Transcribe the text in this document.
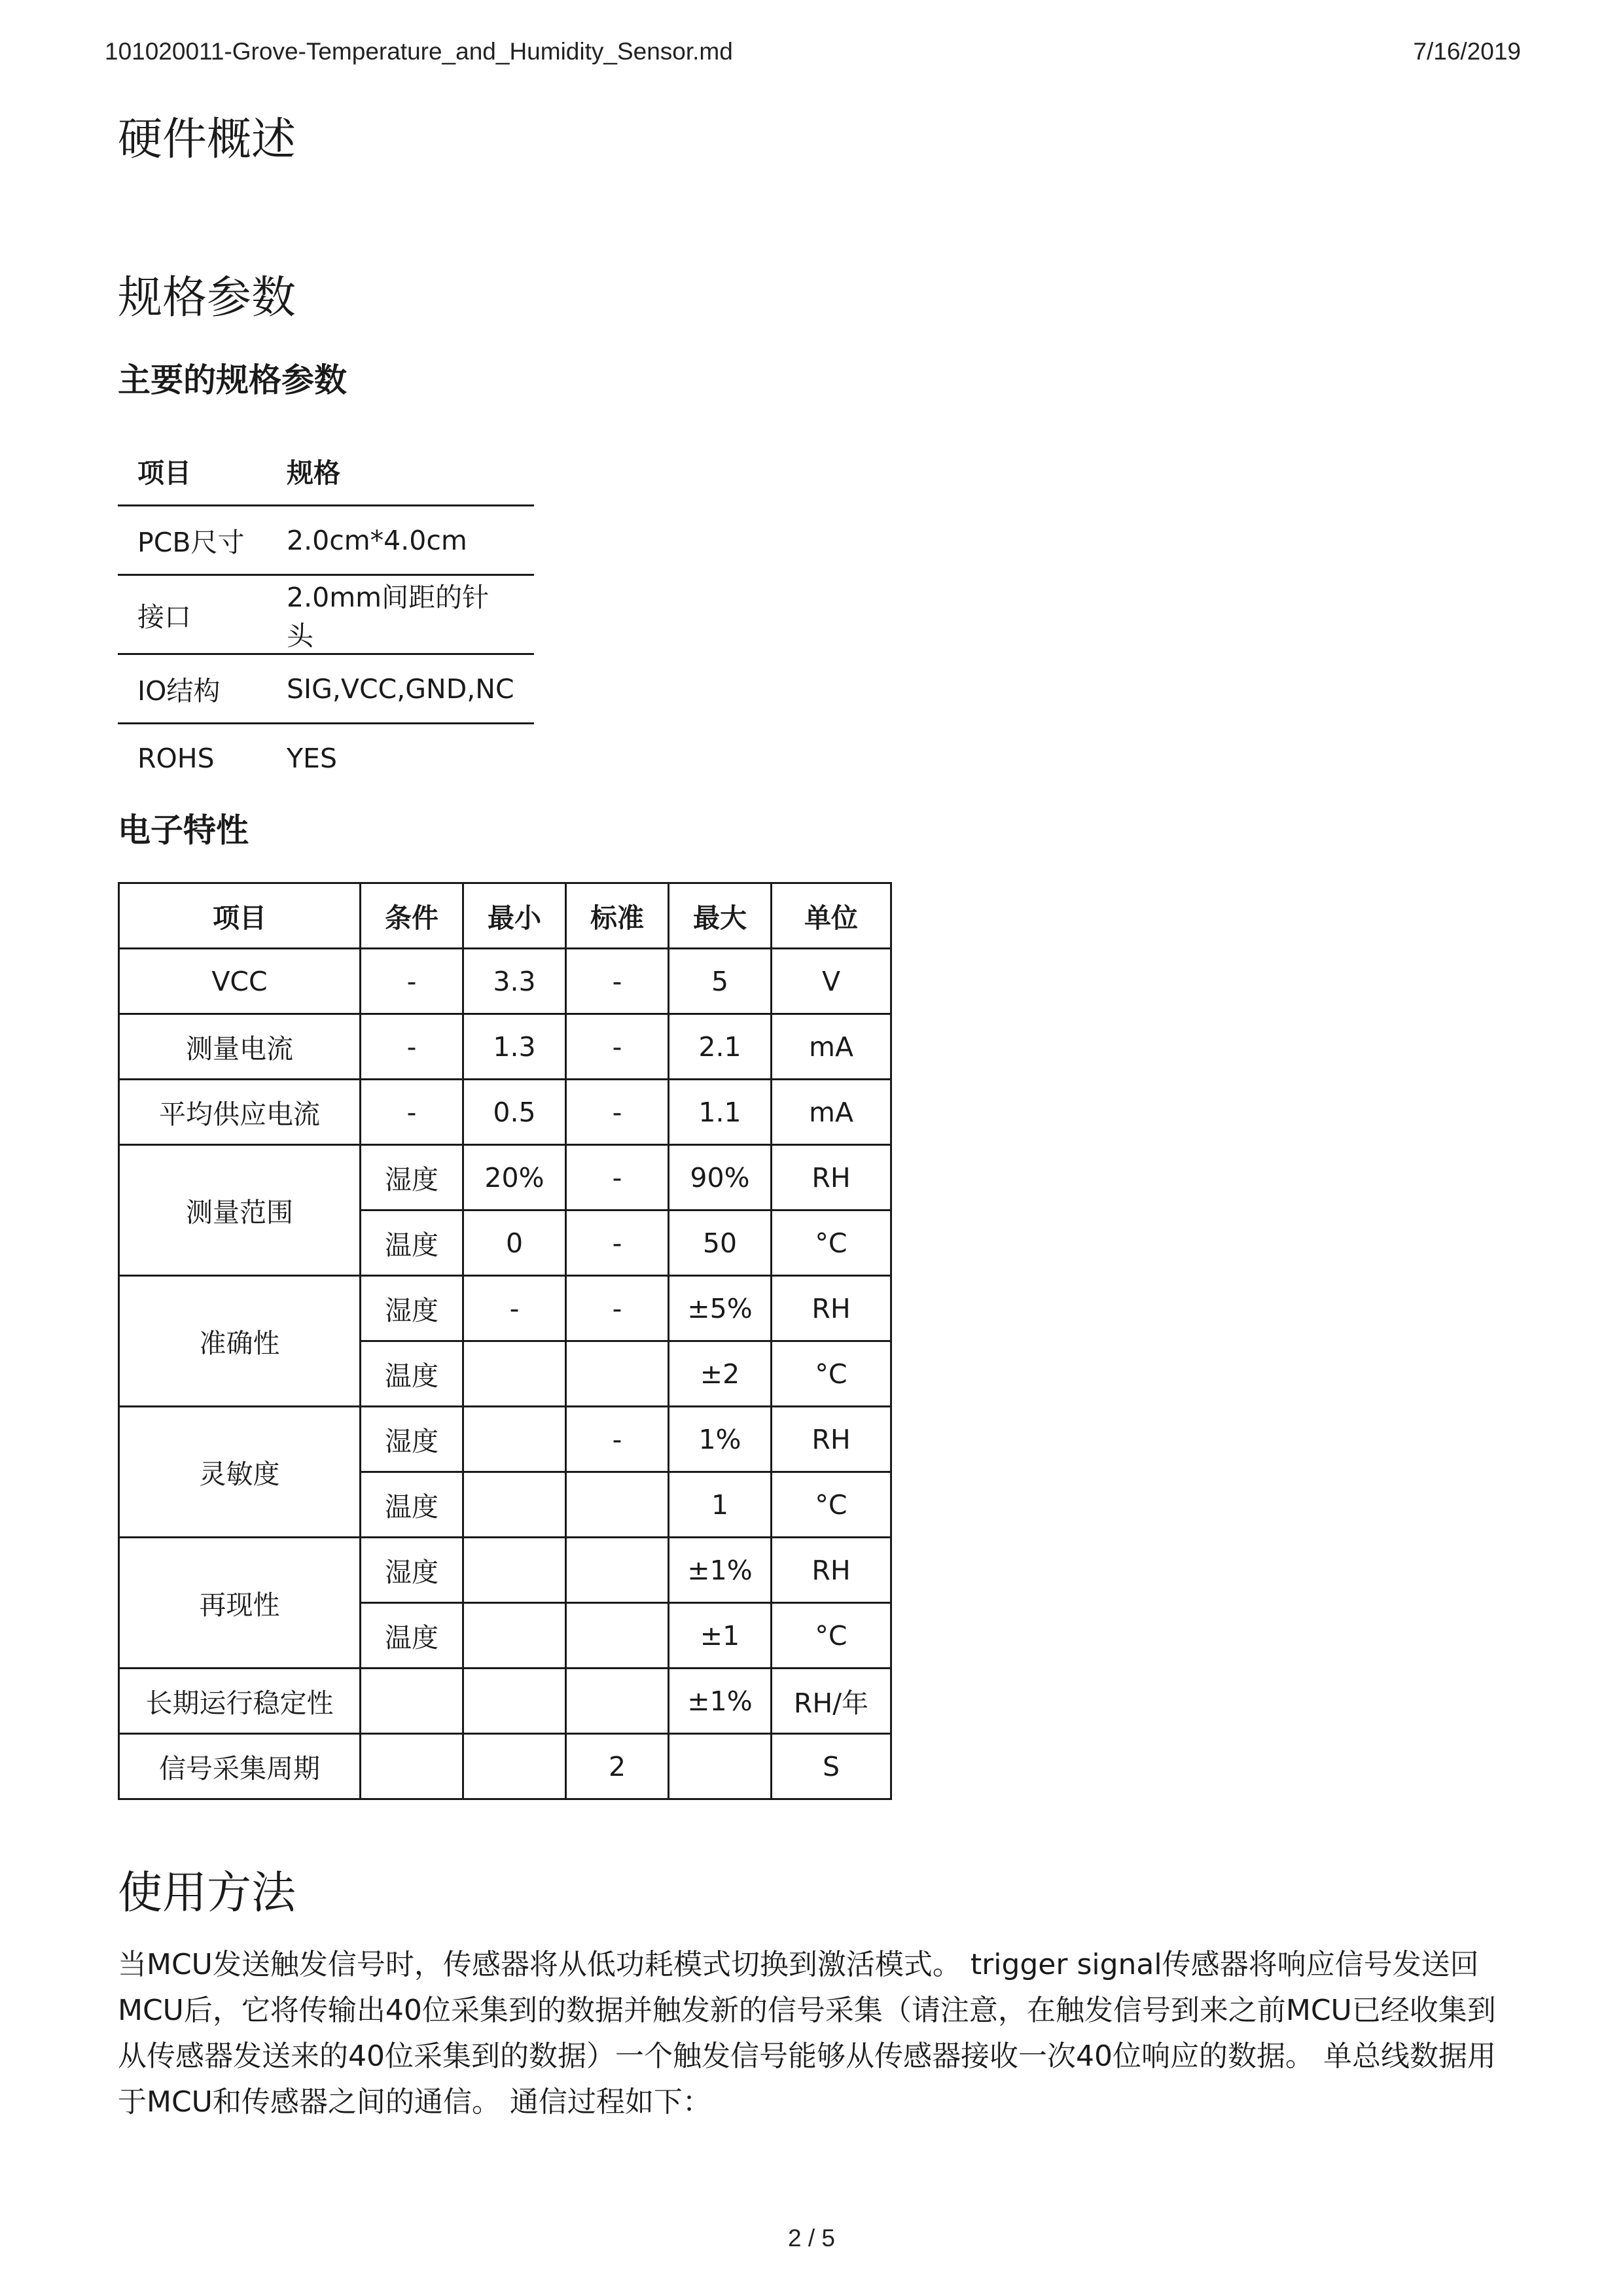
101020011-Grove-Temperature_and_Humidity_Sensor.md	7/16/2019
硬件概述
规格参数
主要的规格参数
项目	规格
PCB尺寸	2.0cm*4.0cm
接口	2.0mm间距的针头
IO结构	SIG,VCC,GND,NC
ROHS	YES
电子特性
项目	条件	最小	标准	最大	单位
VCC	-	3.3	-	5	V
测量电流	-	1.3	-	2.1	mA
平均供应电流	-	0.5	-	1.1	mA
测量范围	湿度	20%	-	90%	RH
	温度	0	-	50	°C
准确性	湿度	-	-	±5%	RH
	温度			±2	°C
灵敏度	湿度		-	1%	RH
	温度			1	°C
再现性	湿度			±1%	RH
	温度			±1	°C
长期运行稳定性				±1%	RH/年
信号采集周期			2		S
使用方法

当MCU发送触发信号时，传感器将从低功耗模式切换到激活模式。 trigger signal传感器将响应信号发送回MCU后，它将传输出40位采集到的数据并触发新的信号采集（请注意，在触发信号到来之前MCU已经收集到从传感器发送来的40位采集到的数据）一个触发信号能够从传感器接收一次40位响应的数据。 单总线数据用于MCU和传感器之间的通信。 通信过程如下：

2 / 5
